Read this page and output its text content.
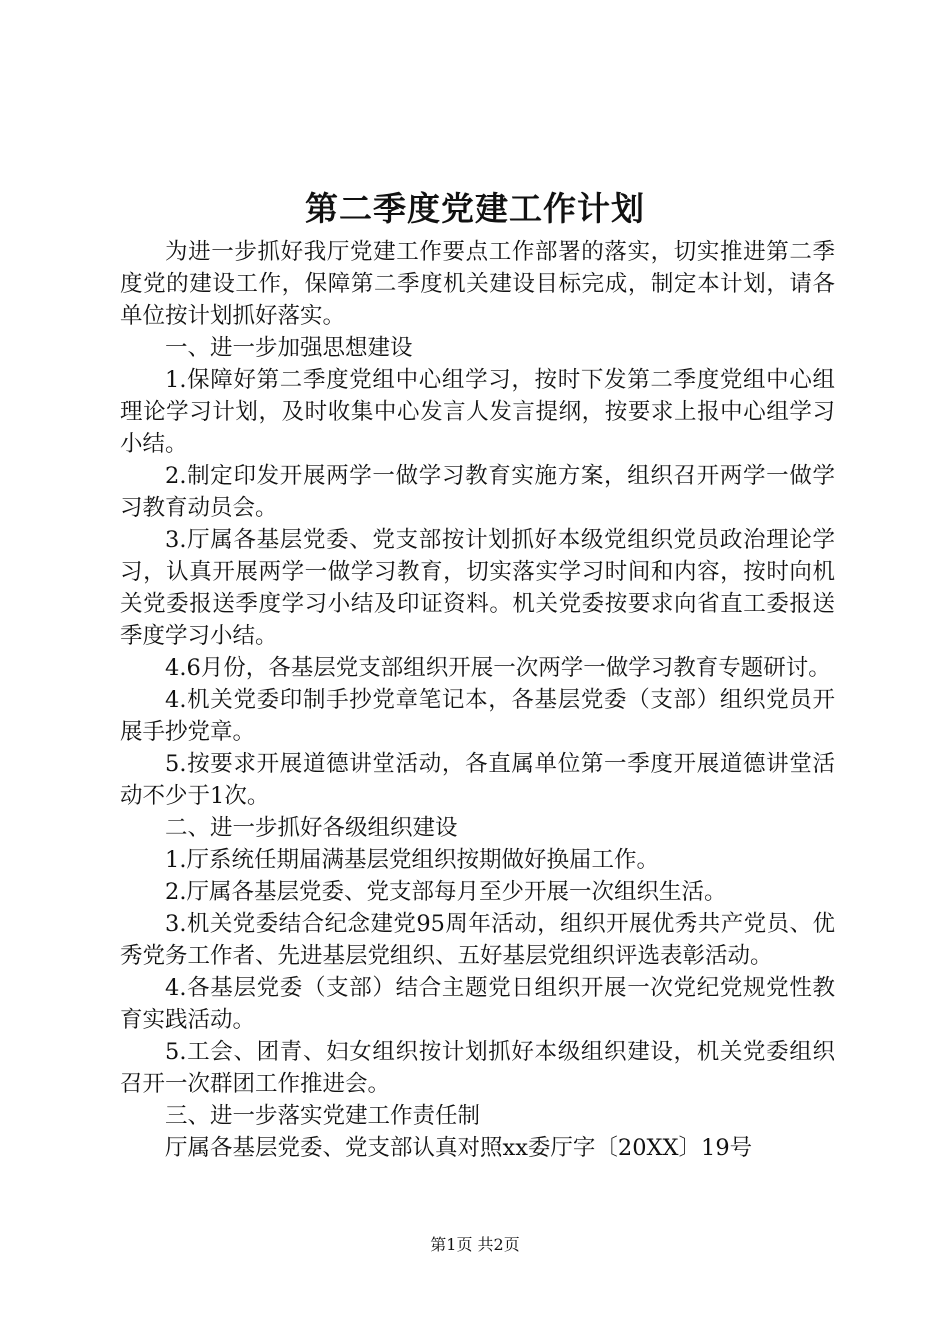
第二季度党建工作计划

为进一步抓好我厅党建工作要点工作部署的落实，切实推进第二季度党的建设工作，保障第二季度机关建设目标完成，制定本计划，请各单位按计划抓好落实。

一、进一步加强思想建设

1.保障好第二季度党组中心组学习，按时下发第二季度党组中心组理论学习计划，及时收集中心发言人发言提纲，按要求上报中心组学习小结。

2.制定印发开展两学一做学习教育实施方案，组织召开两学一做学习教育动员会。

3.厅属各基层党委、党支部按计划抓好本级党组织党员政治理论学习，认真开展两学一做学习教育，切实落实学习时间和内容，按时向机关党委报送季度学习小结及印证资料。机关党委按要求向省直工委报送季度学习小结。

4.6月份，各基层党支部组织开展一次两学一做学习教育专题研讨。

4.机关党委印制手抄党章笔记本，各基层党委（支部）组织党员开展手抄党章。

5.按要求开展道德讲堂活动，各直属单位第一季度开展道德讲堂活动不少于1次。

二、进一步抓好各级组织建设

1.厅系统任期届满基层党组织按期做好换届工作。

2.厅属各基层党委、党支部每月至少开展一次组织生活。

3.机关党委结合纪念建党95周年活动，组织开展优秀共产党员、优秀党务工作者、先进基层党组织、五好基层党组织评选表彰活动。

4.各基层党委（支部）结合主题党日组织开展一次党纪党规党性教育实践活动。

5.工会、团青、妇女组织按计划抓好本级组织建设，机关党委组织召开一次群团工作推进会。

三、进一步落实党建工作责任制

厅属各基层党委、党支部认真对照xx委厅字〔20XX〕19号

第1页 共2页
